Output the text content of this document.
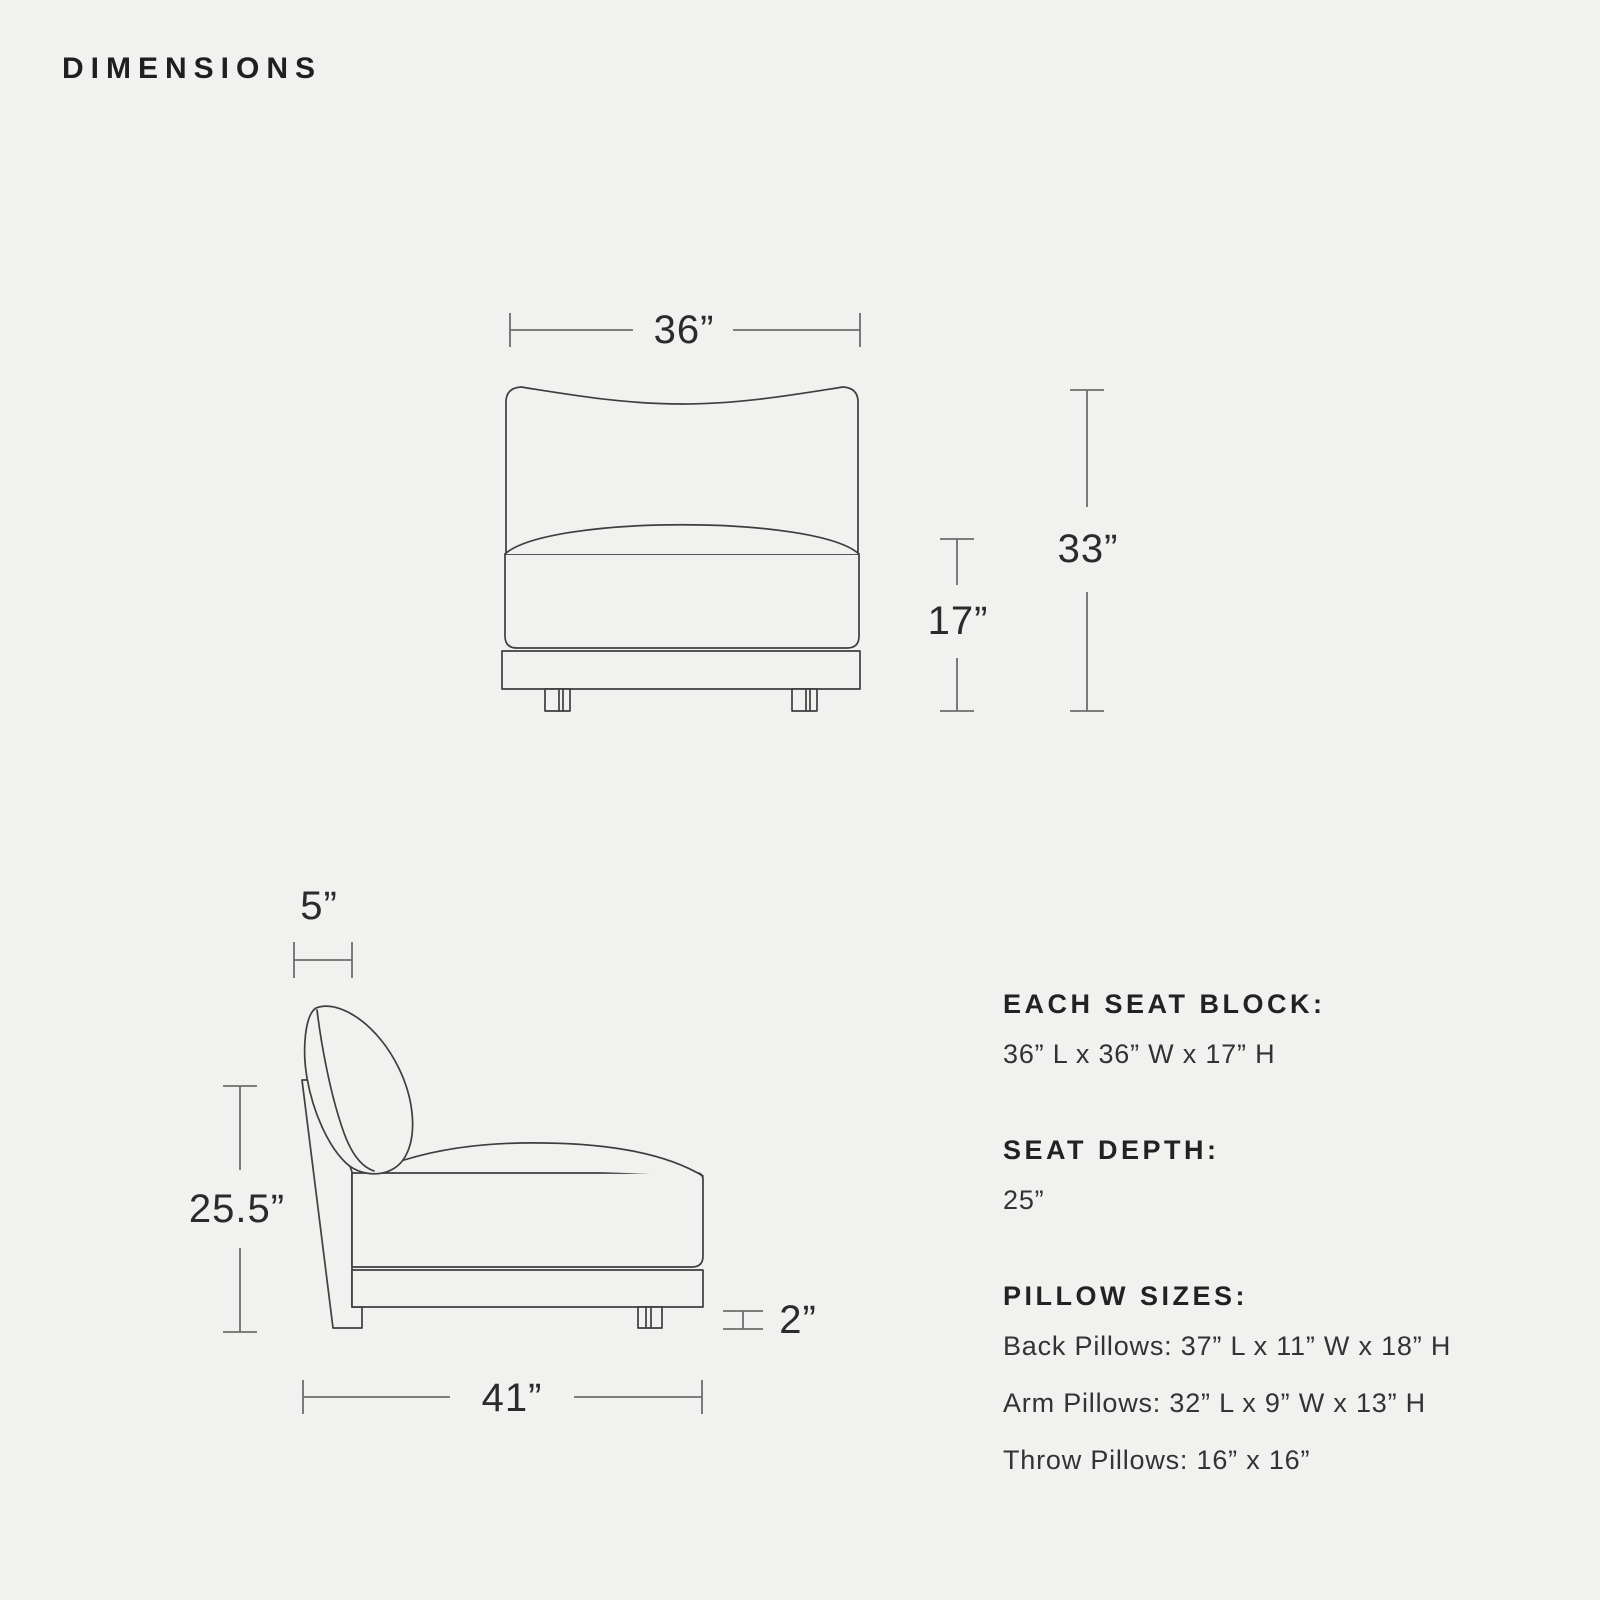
DIMENSIONS
36”
17”
33”
5”
25.5”
41”
2”
EACH SEAT BLOCK:
36” L x 36” W x 17” H
SEAT DEPTH:
25”
PILLOW SIZES:
Back Pillows: 37” L x 11” W x 18” H
Arm Pillows: 32” L x 9” W x 13” H
Throw Pillows: 16” x 16”
